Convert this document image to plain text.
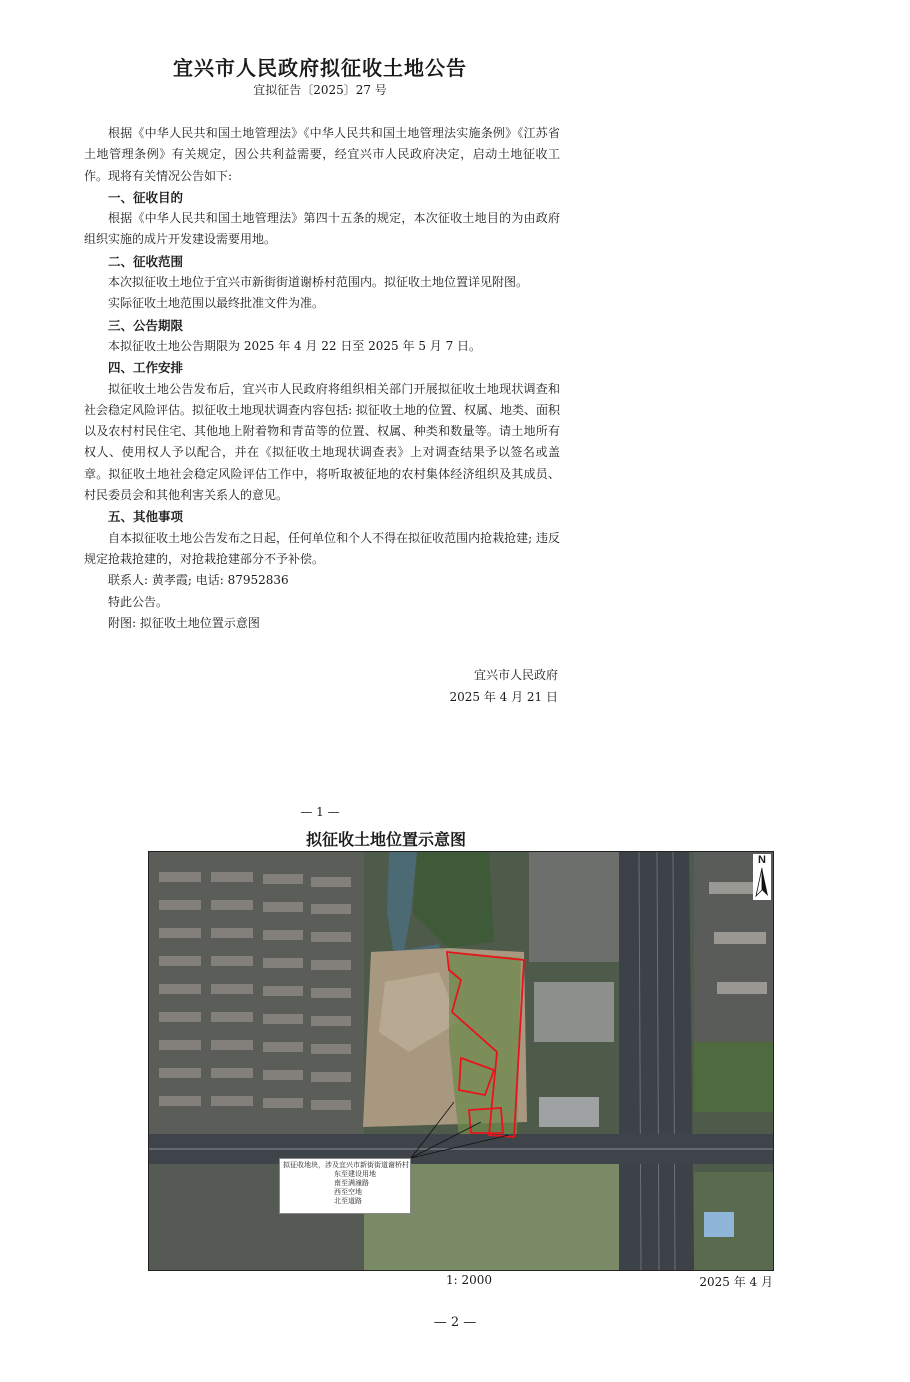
宜兴市人民政府拟征收土地公告
宜拟征告〔2025〕27 号

根据《中华人民共和国土地管理法》《中华人民共和国土地管理法实施条例》《江苏省土地管理条例》有关规定，因公共利益需要，经宜兴市人民政府决定，启动土地征收工作。现将有关情况公告如下:

一、征收目的

根据《中华人民共和国土地管理法》第四十五条的规定，本次征收土地目的为由政府组织实施的成片开发建设需要用地。

二、征收范围

本次拟征收土地位于宜兴市新街街道谢桥村范围内。拟征收土地位置详见附图。

实际征收土地范围以最终批准文件为准。

三、公告期限

本拟征收土地公告期限为 2025 年 4 月 22 日至 2025 年 5 月 7 日。

四、工作安排

拟征收土地公告发布后，宜兴市人民政府将组织相关部门开展拟征收土地现状调查和社会稳定风险评估。拟征收土地现状调查内容包括: 拟征收土地的位置、权属、地类、面积以及农村村民住宅、其他地上附着物和青苗等的位置、权属、种类和数量等。请土地所有权人、使用权人予以配合，并在《拟征收土地现状调查表》上对调查结果予以签名或盖章。拟征收土地社会稳定风险评估工作中，将听取被征地的农村集体经济组织及其成员、村民委员会和其他利害关系人的意见。

五、其他事项

自本拟征收土地公告发布之日起，任何单位和个人不得在拟征收范围内抢栽抢建; 违反规定抢栽抢建的，对抢栽抢建部分不予补偿。

联系人: 黄孝霞; 电话: 87952836

特此公告。

附图: 拟征收土地位置示意图

宜兴市人民政府
2025 年 4 月 21 日
— 1 —
拟征收土地位置示意图
N
拟征收地块，涉及宜兴市新街街道谢桥村
东至建设用地
南至满潼路
西至空地
北至道路
1: 2000	2025 年 4 月
— 2 —
